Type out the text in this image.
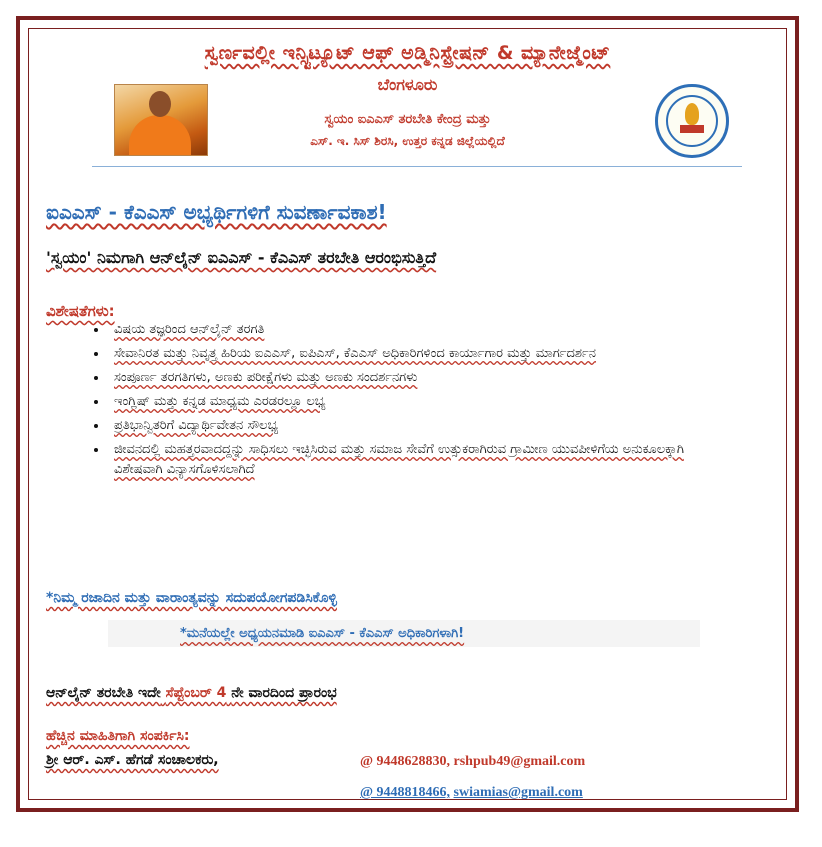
ಸ್ವರ್ಣವಲ್ಲೀ ಇನ್ಸ್ಟಿಟ್ಯೂಟ್ ಆಫ್ ಅಡ್ಮಿನಿಸ್ಟ್ರೇಷನ್ & ಮ್ಯಾನೇಜ್ಮೆಂಟ್
ಬೆಂಗಳೂರು
ಸ್ವಯಂ ಐಎಎಸ್ ತರಬೇತಿ ಕೇಂದ್ರ ಮತ್ತು
ಎಸ್. ಇ. ಸಿಸ್ ಶಿರಸಿ, ಉತ್ತರ ಕನ್ನಡ ಜಿಲ್ಲೆಯಲ್ಲಿದೆ
ಐಎಎಸ್ - ಕೆಎಎಸ್ ಅಭ್ಯರ್ಥಿಗಳಿಗೆ ಸುವರ್ಣಾವಕಾಶ!
'ಸ್ವಯಂ' ನಿಮಗಾಗಿ ಆನ್‌ಲೈನ್ ಐಎಎಸ್ - ಕೆಎಎಸ್ ತರಬೇತಿ ಆರಂಭಿಸುತ್ತಿದೆ
ವಿಶೇಷತೆಗಳು:
• ವಿಷಯ ತಜ್ಞರಿಂದ ಆನ್‌ಲೈನ್ ತರಗತಿ
• ಸೇವಾನಿರತ ಮತ್ತು ನಿವೃತ್ತ ಹಿರಿಯ ಐಎಎಸ್, ಐಪಿಎಸ್, ಕೆಎಎಸ್ ಅಧಿಕಾರಿಗಳಿಂದ ಕಾರ್ಯಾಗಾರ ಮತ್ತು ಮಾರ್ಗದರ್ಶನ
• ಸಂಪೂರ್ಣ ತರಗತಿಗಳು, ಅಣಕು ಪರೀಕ್ಷೆಗಳು ಮತ್ತು ಅಣಕು ಸಂದರ್ಶನಗಳು
• ಇಂಗ್ಲಿಷ್ ಮತ್ತು ಕನ್ನಡ ಮಾಧ್ಯಮ ಎರಡರಲ್ಲೂ ಲಭ್ಯ
• ಪ್ರತಿಭಾನ್ವಿತರಿಗೆ ವಿದ್ಯಾರ್ಥಿವೇತನ ಸೌಲಭ್ಯ
• ಜೀವನದಲ್ಲಿ ಮಹತ್ತರವಾದದ್ದನ್ನು ಸಾಧಿಸಲು ಇಚ್ಛಿಸಿರುವ ಮತ್ತು ಸಮಾಜ ಸೇವೆಗೆ ಉತ್ಸುಕರಾಗಿರುವ ಗ್ರಾಮೀಣ ಯುವಪೀಳಿಗೆಯ ಅನುಕೂಲಕ್ಕಾಗಿ ವಿಶೇಷವಾಗಿ ವಿನ್ಯಾಸಗೊಳಿಸಲಾಗಿದೆ
*ನಿಮ್ಮ ರಜಾದಿನ ಮತ್ತು ವಾರಾಂತ್ಯವನ್ನು ಸದುಪಯೋಗಪಡಿಸಿಕೊಳ್ಳಿ
*ಮನೆಯಲ್ಲೇ ಅಧ್ಯಯನಮಾಡಿ ಐಎಎಸ್ - ಕೆಎಎಸ್ ಅಧಿಕಾರಿಗಳಾಗಿ!
ಆನ್‌ಲೈನ್ ತರಬೇತಿ ಇದೇ ಸೆಪ್ಟೆಂಬರ್ 4 ನೇ ವಾರದಿಂದ ಪ್ರಾರಂಭ
ಹೆಚ್ಚಿನ ಮಾಹಿತಿಗಾಗಿ ಸಂಪರ್ಕಿಸಿ:
ಶ್ರೀ ಆರ್. ಎಸ್. ಹೆಗಡೆ ಸಂಚಾಲಕರು,	@ 9448628830, rshpub49@gmail.com
@ 9448818466, swiamias@gmail.com
